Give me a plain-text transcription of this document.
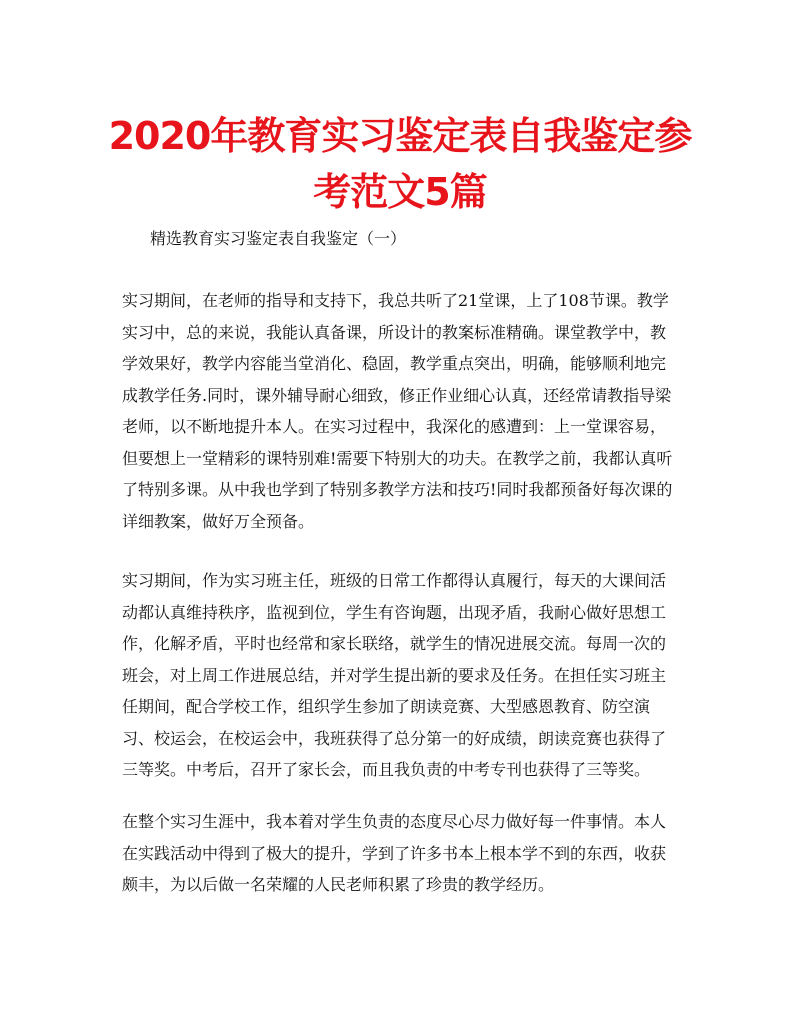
2020年教育实习鉴定表自我鉴定参考范文5篇

精选教育实习鉴定表自我鉴定（一）

实习期间，在老师的指导和支持下，我总共听了21堂课，上了108节课。教学实习中，总的来说，我能认真备课，所设计的教案标准精确。课堂教学中，教学效果好，教学内容能当堂消化、稳固，教学重点突出，明确，能够顺利地完成教学任务.同时，课外辅导耐心细致，修正作业细心认真，还经常请教指导梁老师，以不断地提升本人。在实习过程中，我深化的感遭到：上一堂课容易，但要想上一堂精彩的课特别难!需要下特别大的功夫。在教学之前，我都认真听了特别多课。从中我也学到了特别多教学方法和技巧!同时我都预备好每次课的详细教案，做好万全预备。

实习期间，作为实习班主任，班级的日常工作都得认真履行，每天的大课间活动都认真维持秩序，监视到位，学生有咨询题，出现矛盾，我耐心做好思想工作，化解矛盾，平时也经常和家长联络，就学生的情况进展交流。每周一次的班会，对上周工作进展总结，并对学生提出新的要求及任务。在担任实习班主任期间，配合学校工作，组织学生参加了朗读竞赛、大型感恩教育、防空演习、校运会，在校运会中，我班获得了总分第一的好成绩，朗读竞赛也获得了三等奖。中考后，召开了家长会，而且我负责的中考专刊也获得了三等奖。

在整个实习生涯中，我本着对学生负责的态度尽心尽力做好每一件事情。本人在实践活动中得到了极大的提升，学到了许多书本上根本学不到的东西，收获颇丰，为以后做一名荣耀的人民老师积累了珍贵的教学经历。
